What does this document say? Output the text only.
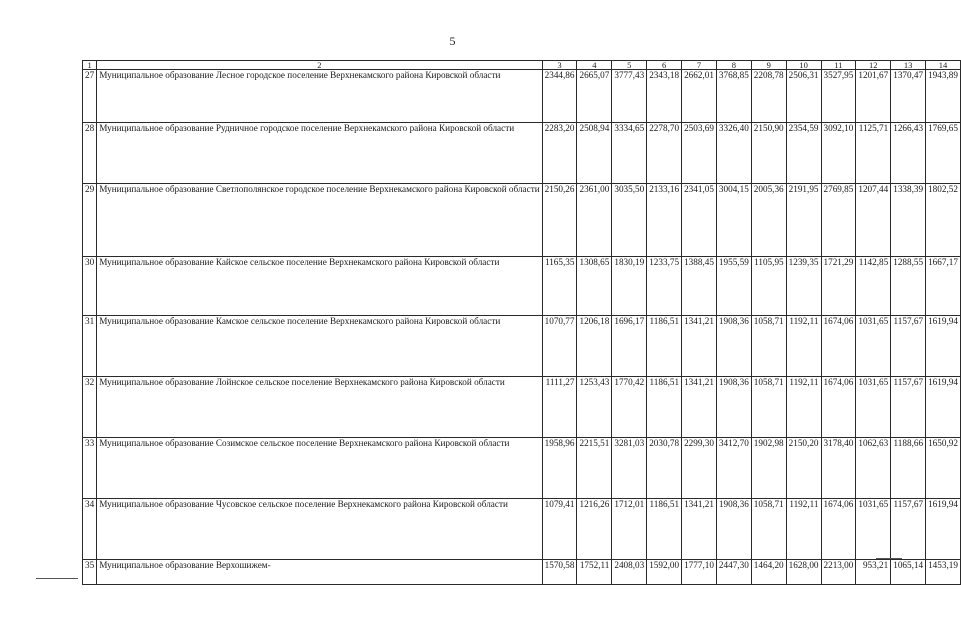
5
1	2	3	4	5	6	7	8	9	10	11	12	13	14
27	Муниципальное образование Лесное городское поселение Верхнекамского района Кировской области	2344,86	2665,07	3777,43	2343,18	2662,01	3768,85	2208,78	2506,31	3527,95	1201,67	1370,47	1943,89
28	Муниципальное образование Рудничное городское поселение Верхнекамского района Кировской области	2283,20	2508,94	3334,65	2278,70	2503,69	3326,40	2150,90	2354,59	3092,10	1125,71	1266,43	1769,65
29	Муниципальное образование Светлополянское городское поселение Верхнекамского района Кировской области	2150,26	2361,00	3035,50	2133,16	2341,05	3004,15	2005,36	2191,95	2769,85	1207,44	1338,39	1802,52
30	Муниципальное образование Кайское сельское поселение Верхнекамского района Кировской области	1165,35	1308,65	1830,19	1233,75	1388,45	1955,59	1105,95	1239,35	1721,29	1142,85	1288,55	1667,17
31	Муниципальное образование Камское сельское поселение Верхнекамского района Кировской области	1070,77	1206,18	1696,17	1186,51	1341,21	1908,36	1058,71	1192,11	1674,06	1031,65	1157,67	1619,94
32	Муниципальное образование Лойнское сельское поселение Верхнекамского района Кировской области	1111,27	1253,43	1770,42	1186,51	1341,21	1908,36	1058,71	1192,11	1674,06	1031,65	1157,67	1619,94
33	Муниципальное образование Созимское сельское поселение Верхнекамского района Кировской области	1958,96	2215,51	3281,03	2030,78	2299,30	3412,70	1902,98	2150,20	3178,40	1062,63	1188,66	1650,92
34	Муниципальное образование Чусовское сельское поселение Верхнекамского района Кировской области	1079,41	1216,26	1712,01	1186,51	1341,21	1908,36	1058,71	1192,11	1674,06	1031,65	1157,67	1619,94
35	Муниципальное образование Верхошижем-	1570,58	1752,11	2408,03	1592,00	1777,10	2447,30	1464,20	1628,00	2213,00	953,21	1065,14	1453,19
